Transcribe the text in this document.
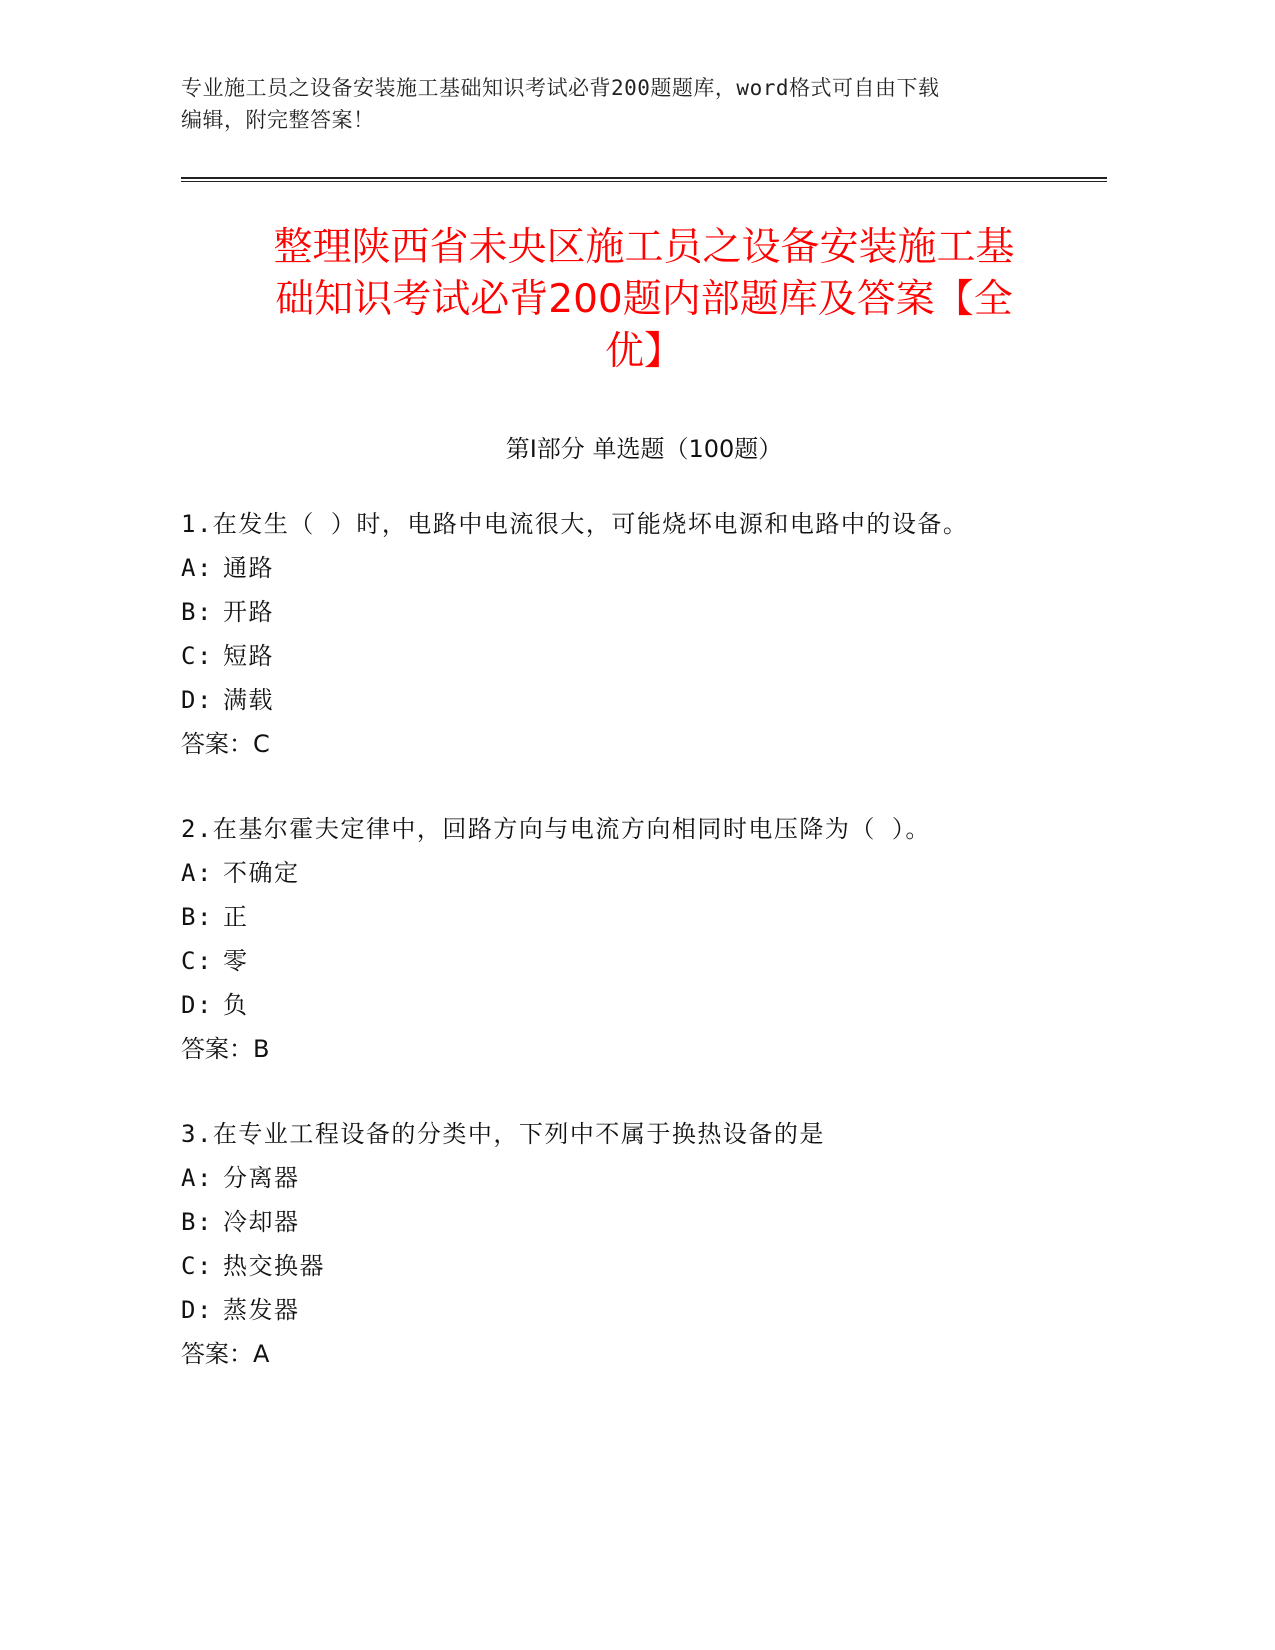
专业施工员之设备安装施工基础知识考试必背200题题库，word格式可自由下载
编辑，附完整答案！
整理陕西省未央区施工员之设备安装施工基
础知识考试必背200题内部题库及答案【全
优】
第Ⅰ部分 单选题（100题）
1.在发生（ ）时，电路中电流很大，可能烧坏电源和电路中的设备。
A: 通路
B: 开路
C: 短路
D: 满载
答案：C
2.在基尔霍夫定律中，回路方向与电流方向相同时电压降为（ ）。
A: 不确定
B: 正
C: 零
D: 负
答案：B
3.在专业工程设备的分类中，下列中不属于换热设备的是
A: 分离器
B: 冷却器
C: 热交换器
D: 蒸发器
答案：A
